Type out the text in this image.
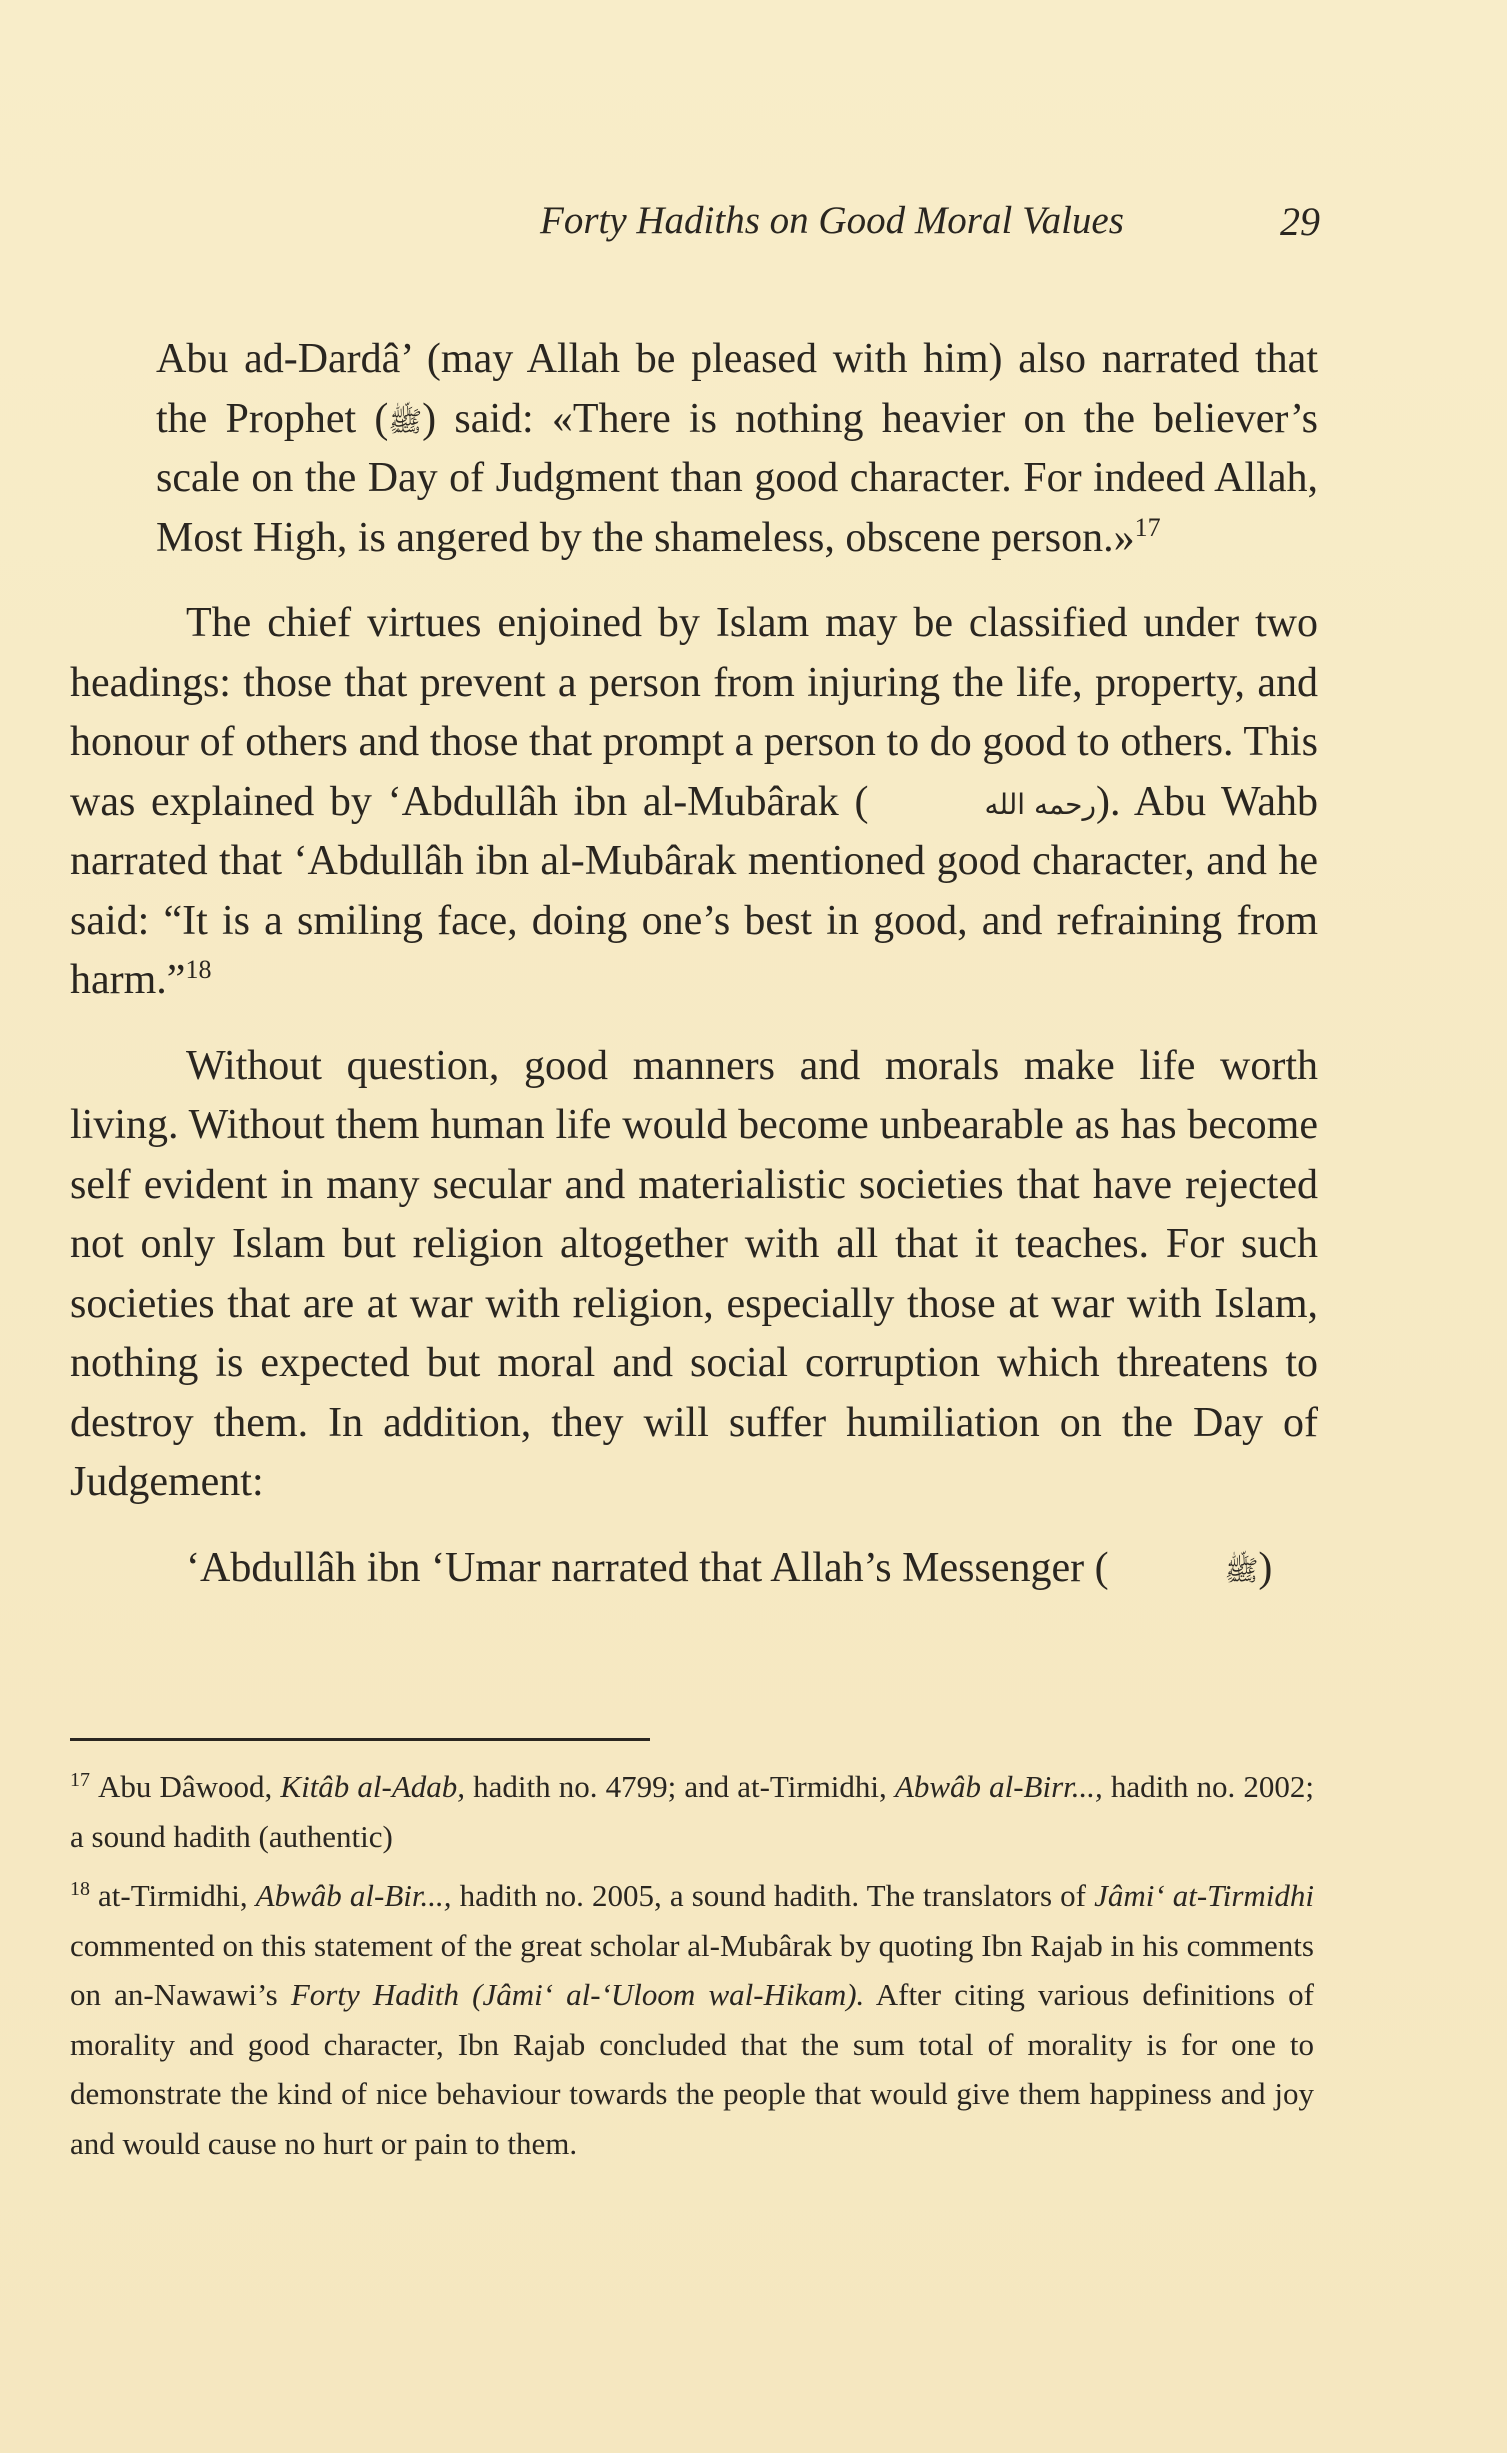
Forty Hadiths on Good Moral Values	29

Abu ad-Dardâ’ (may Allah be pleased with him) also narrated that the Prophet (ﷺ) said: «There is nothing heavier on the believer’s scale on the Day of Judgment than good character. For indeed Allah, Most High, is angered by the shameless, obscene person.»$^{17}$

The chief virtues enjoined by Islam may be classified under two headings: those that prevent a person from injuring the life, property, and honour of others and those that prompt a person to do good to others. This was explained by ‘Abdullâh ibn al-Mubârak (	رحمه الله). Abu Wahb narrated that ‘Abdullâh ibn al-Mubârak mentioned good character, and he said: “It is a smiling face, doing one’s best in good, and refraining from harm.”$^{18}$

Without question, good manners and morals make life worth living. Without them human life would become unbearable as has become self evident in many secular and materialistic societies that have rejected not only Islam but religion altogether with all that it teaches. For such societies that are at war with religion, especially those at war with Islam, nothing is expected but moral and social corruption which threatens to destroy them. In addition, they will suffer humiliation on the Day of Judgement:

‘Abdullâh ibn ‘Umar narrated that Allah’s Messenger (	ﷺ)

$^{17}$ Abu Dâwood, Kitâb al-Adab, hadith no. 4799; and at-Tirmidhi, Abwâb al-Birr..., hadith no. 2002; a sound hadith (authentic)

$^{18}$ at-Tirmidhi, Abwâb al-Bir..., hadith no. 2005, a sound hadith. The translators of Jâmi‘ at-Tirmidhi commented on this statement of the great scholar al-Mubârak by quoting Ibn Rajab in his comments on an-Nawawi’s Forty Hadith (Jâmi‘ al-‘Uloom wal-Hikam). After citing various definitions of morality and good character, Ibn Rajab concluded that the sum total of morality is for one to demonstrate the kind of nice behaviour towards the people that would give them happiness and joy and would cause no hurt or pain to them.
